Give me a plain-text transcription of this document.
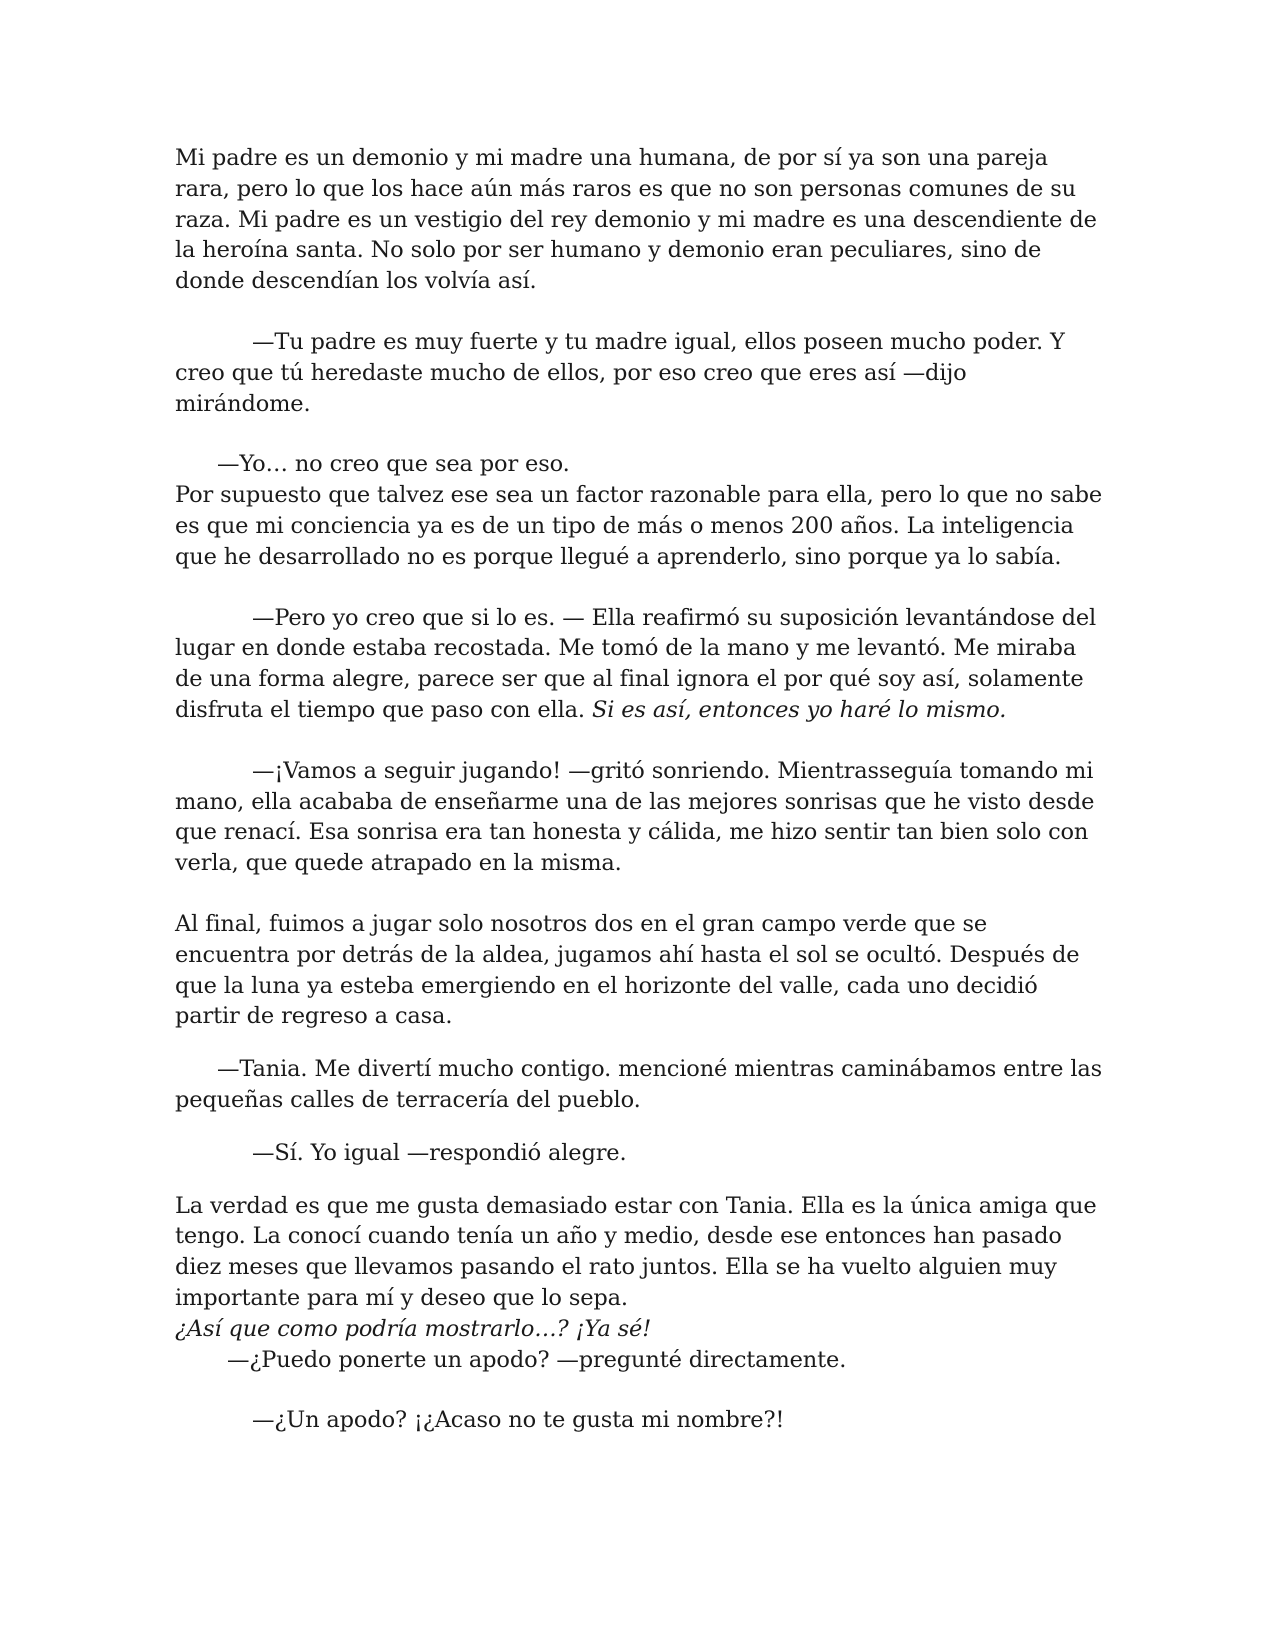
Mi padre es un demonio y mi madre una humana, de por sí ya son una pareja rara, pero lo que los hace aún más raros es que no son personas comunes de su raza. Mi padre es un vestigio del rey demonio y mi madre es una descendiente de la heroína santa. No solo por ser humano y demonio eran peculiares, sino de donde descendían los volvía así.

—Tu padre es muy fuerte y tu madre igual, ellos poseen mucho poder. Y creo que tú heredaste mucho de ellos, por eso creo que eres así —dijo mirándome.

—Yo… no creo que sea por eso.

Por supuesto que talvez ese sea un factor razonable para ella, pero lo que no sabe es que mi conciencia ya es de un tipo de más o menos 200 años. La inteligencia que he desarrollado no es porque llegué a aprenderlo, sino porque ya lo sabía.

—Pero yo creo que si lo es. — Ella reafirmó su suposición levantándose del lugar en donde estaba recostada. Me tomó de la mano y me levantó. Me miraba de una forma alegre, parece ser que al final ignora el por qué soy así, solamente disfruta el tiempo que paso con ella. Si es así, entonces yo haré lo mismo.

—¡Vamos a seguir jugando! —gritó sonriendo. Mientrasseguía tomando mi mano, ella acababa de enseñarme una de las mejores sonrisas que he visto desde que renací. Esa sonrisa era tan honesta y cálida, me hizo sentir tan bien solo con verla, que quede atrapado en la misma.

Al final, fuimos a jugar solo nosotros dos en el gran campo verde que se encuentra por detrás de la aldea, jugamos ahí hasta el sol se ocultó. Después de que la luna ya esteba emergiendo en el horizonte del valle, cada uno decidió partir de regreso a casa.

—Tania. Me divertí mucho contigo. mencioné mientras caminábamos entre las pequeñas calles de terracería del pueblo.

—Sí. Yo igual —respondió alegre.

La verdad es que me gusta demasiado estar con Tania. Ella es la única amiga que tengo. La conocí cuando tenía un año y medio, desde ese entonces han pasado diez meses que llevamos pasando el rato juntos. Ella se ha vuelto alguien muy importante para mí y deseo que lo sepa.

¿Así que como podría mostrarlo…? ¡Ya sé!

—¿Puedo ponerte un apodo? —pregunté directamente.

—¿Un apodo? ¡¿Acaso no te gusta mi nombre?!
